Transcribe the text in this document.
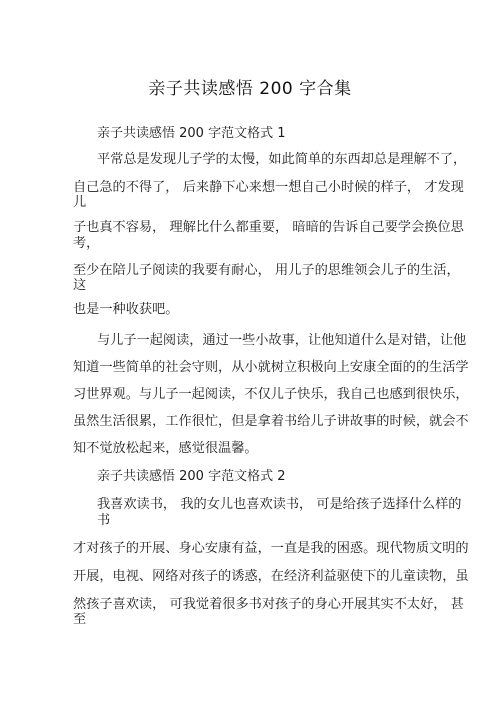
亲子共读感悟 200 字合集
亲子共读感悟 200 字范文格式 1
平常总是发现儿子学的太慢，如此简单的东西却总是理解不了，
自己急的不得了， 后来静下心来想一想自己小时候的样子， 才发现
儿
子也真不容易， 理解比什么都重要， 暗暗的告诉自己要学会换位思
考，
至少在陪儿子阅读的我要有耐心， 用儿子的思维领会儿子的生活，
这
也是一种收获吧。
与儿子一起阅读，通过一些小故事，让他知道什么是对错，让他
知道一些简单的社会守则，从小就树立积极向上安康全面的的生活学
习世界观。与儿子一起阅读，不仅儿子快乐，我自己也感到很快乐，
虽然生活很累，工作很忙，但是拿着书给儿子讲故事的时候，就会不
知不觉放松起来，感觉很温馨。
亲子共读感悟 200 字范文格式 2
我喜欢读书， 我的女儿也喜欢读书， 可是给孩子选择什么样的
书
才对孩子的开展、身心安康有益，一直是我的困惑。现代物质文明的
开展，电视、网络对孩子的诱惑，在经济利益驱使下的儿童读物，虽
然孩子喜欢读， 可我觉着很多书对孩子的身心开展其实不太好， 甚
至
